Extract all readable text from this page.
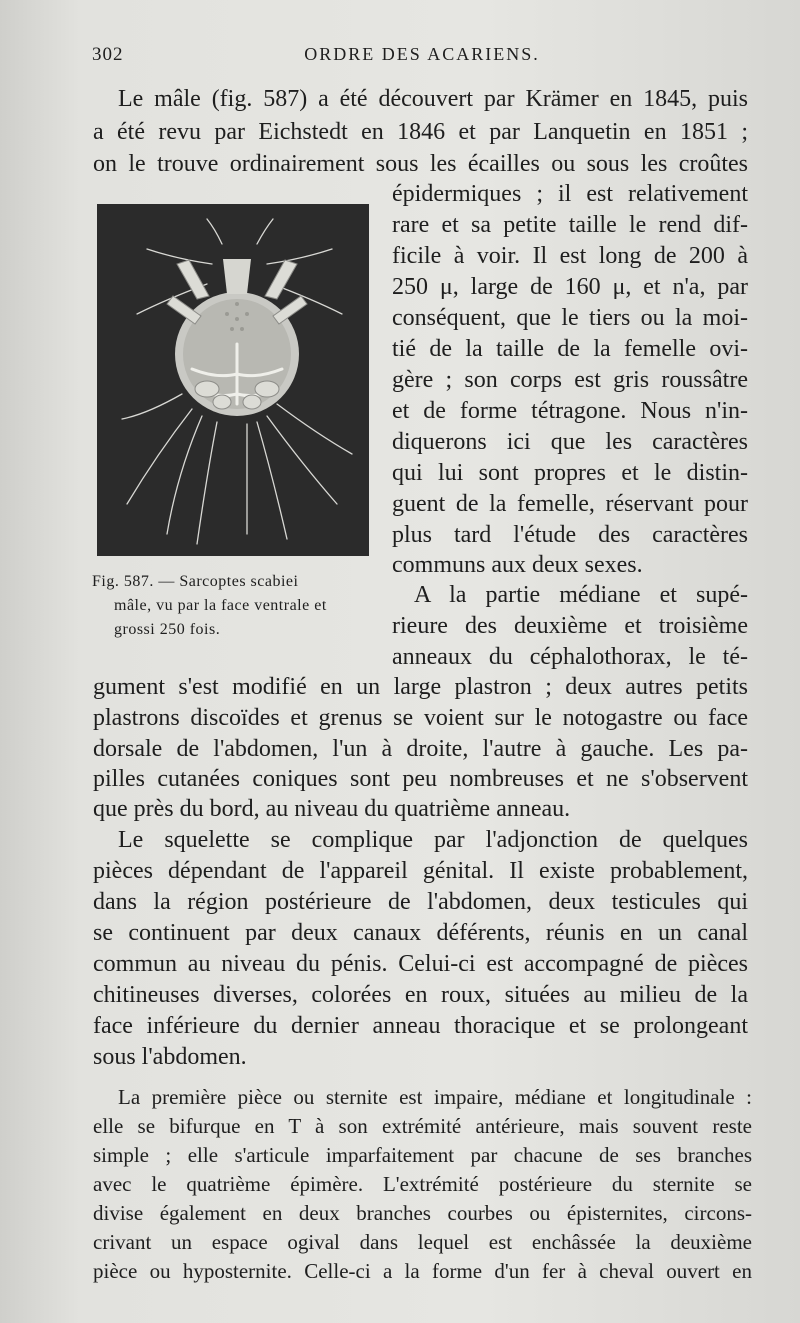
302	ORDRE DES ACARIENS.
Le mâle (fig. 587) a été découvert par Krämer en 1845, puis
a été revu par Eichstedt en 1846 et par Lanquetin en 1851 ;
on le trouve ordinairement sous les écailles ou sous les croûtes
Fig. 587. — Sarcoptes scabiei
mâle, vu par la face ventrale et
grossi 250 fois.
épidermiques ; il est relativement
rare et sa petite taille le rend dif-
ficile à voir. Il est long de 200 à
250 μ, large de 160 μ, et n'a, par
conséquent, que le tiers ou la moi-
tié de la taille de la femelle ovi-
gère ; son corps est gris roussâtre
et de forme tétragone. Nous n'in-
diquerons ici que les caractères
qui lui sont propres et le distin-
guent de la femelle, réservant pour
plus tard l'étude des caractères
communs aux deux sexes.
A la partie médiane et supé-
rieure des deuxième et troisième
anneaux du céphalothorax, le té-
gument s'est modifié en un large plastron ; deux autres petits
plastrons discoïdes et grenus se voient sur le notogastre ou face
dorsale de l'abdomen, l'un à droite, l'autre à gauche. Les pa-
pilles cutanées coniques sont peu nombreuses et ne s'observent
que près du bord, au niveau du quatrième anneau.
Le squelette se complique par l'adjonction de quelques
pièces dépendant de l'appareil génital. Il existe probablement,
dans la région postérieure de l'abdomen, deux testicules qui
se continuent par deux canaux déférents, réunis en un canal
commun au niveau du pénis. Celui-ci est accompagné de pièces
chitineuses diverses, colorées en roux, situées au milieu de la
face inférieure du dernier anneau thoracique et se prolongeant
sous l'abdomen.
La première pièce ou sternite est impaire, médiane et longitudinale :
elle se bifurque en T à son extrémité antérieure, mais souvent reste
simple ; elle s'articule imparfaitement par chacune de ses branches
avec le quatrième épimère. L'extrémité postérieure du sternite se
divise également en deux branches courbes ou épisternites, circons-
crivant un espace ogival dans lequel est enchâssée la deuxième
pièce ou hyposternite. Celle-ci a la forme d'un fer à cheval ouvert en
